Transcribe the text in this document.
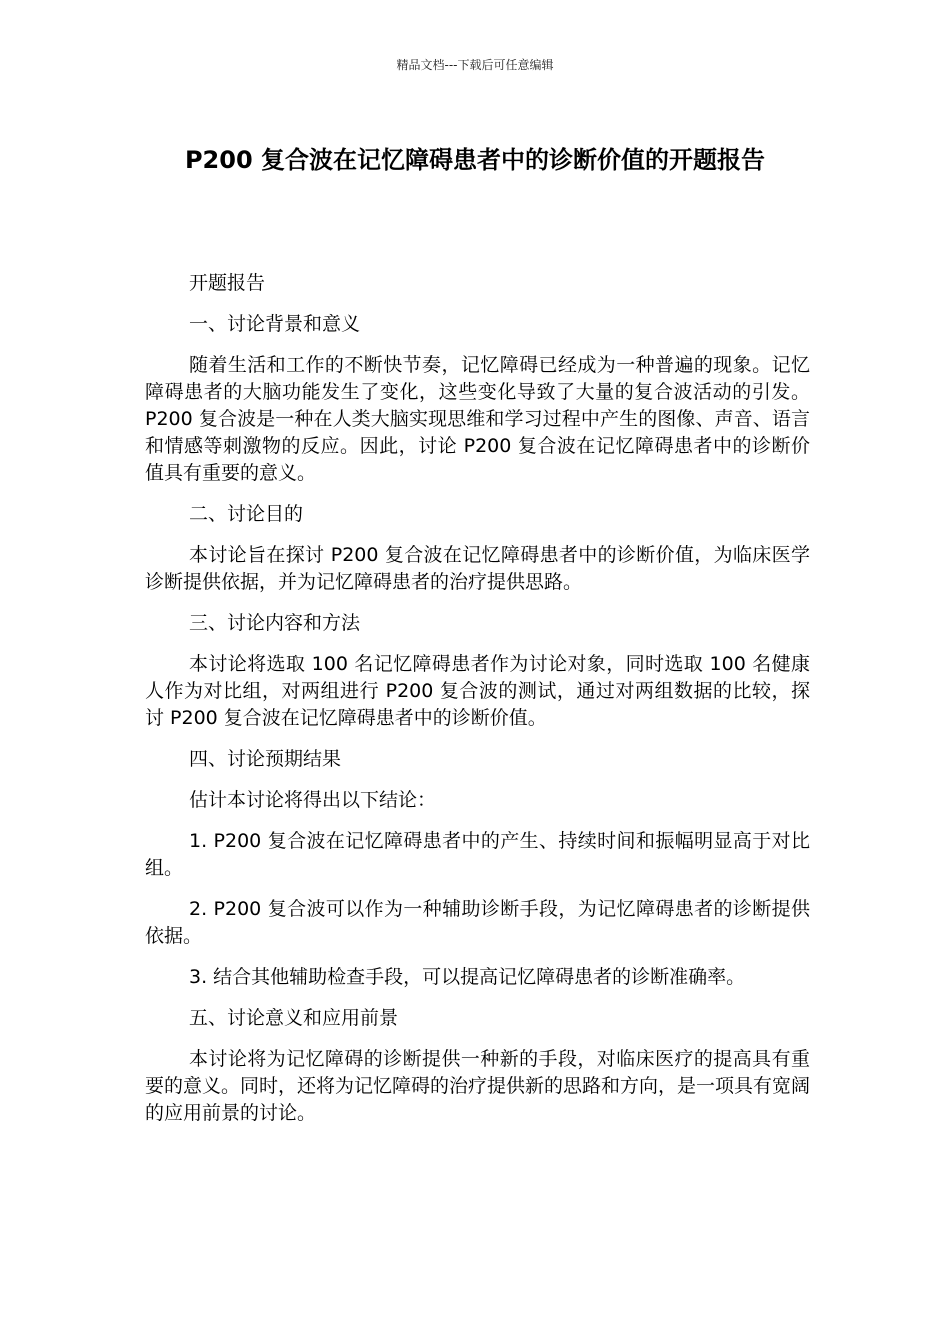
精品文档---下载后可任意编辑
P200 复合波在记忆障碍患者中的诊断价值的开题报告

开题报告

一、讨论背景和意义

随着生活和工作的不断快节奏，记忆障碍已经成为一种普遍的现象。记忆障碍患者的大脑功能发生了变化，这些变化导致了大量的复合波活动的引发。P200 复合波是一种在人类大脑实现思维和学习过程中产生的图像、声音、语言和情感等刺激物的反应。因此，讨论 P200 复合波在记忆障碍患者中的诊断价值具有重要的意义。

二、讨论目的

本讨论旨在探讨 P200 复合波在记忆障碍患者中的诊断价值，为临床医学诊断提供依据，并为记忆障碍患者的治疗提供思路。

三、讨论内容和方法

本讨论将选取 100 名记忆障碍患者作为讨论对象，同时选取 100 名健康人作为对比组，对两组进行 P200 复合波的测试，通过对两组数据的比较，探讨 P200 复合波在记忆障碍患者中的诊断价值。

四、讨论预期结果

估计本讨论将得出以下结论：

1. P200 复合波在记忆障碍患者中的产生、持续时间和振幅明显高于对比组。

2. P200 复合波可以作为一种辅助诊断手段，为记忆障碍患者的诊断提供依据。

3. 结合其他辅助检查手段，可以提高记忆障碍患者的诊断准确率。

五、讨论意义和应用前景

本讨论将为记忆障碍的诊断提供一种新的手段，对临床医疗的提高具有重要的意义。同时，还将为记忆障碍的治疗提供新的思路和方向，是一项具有宽阔的应用前景的讨论。
